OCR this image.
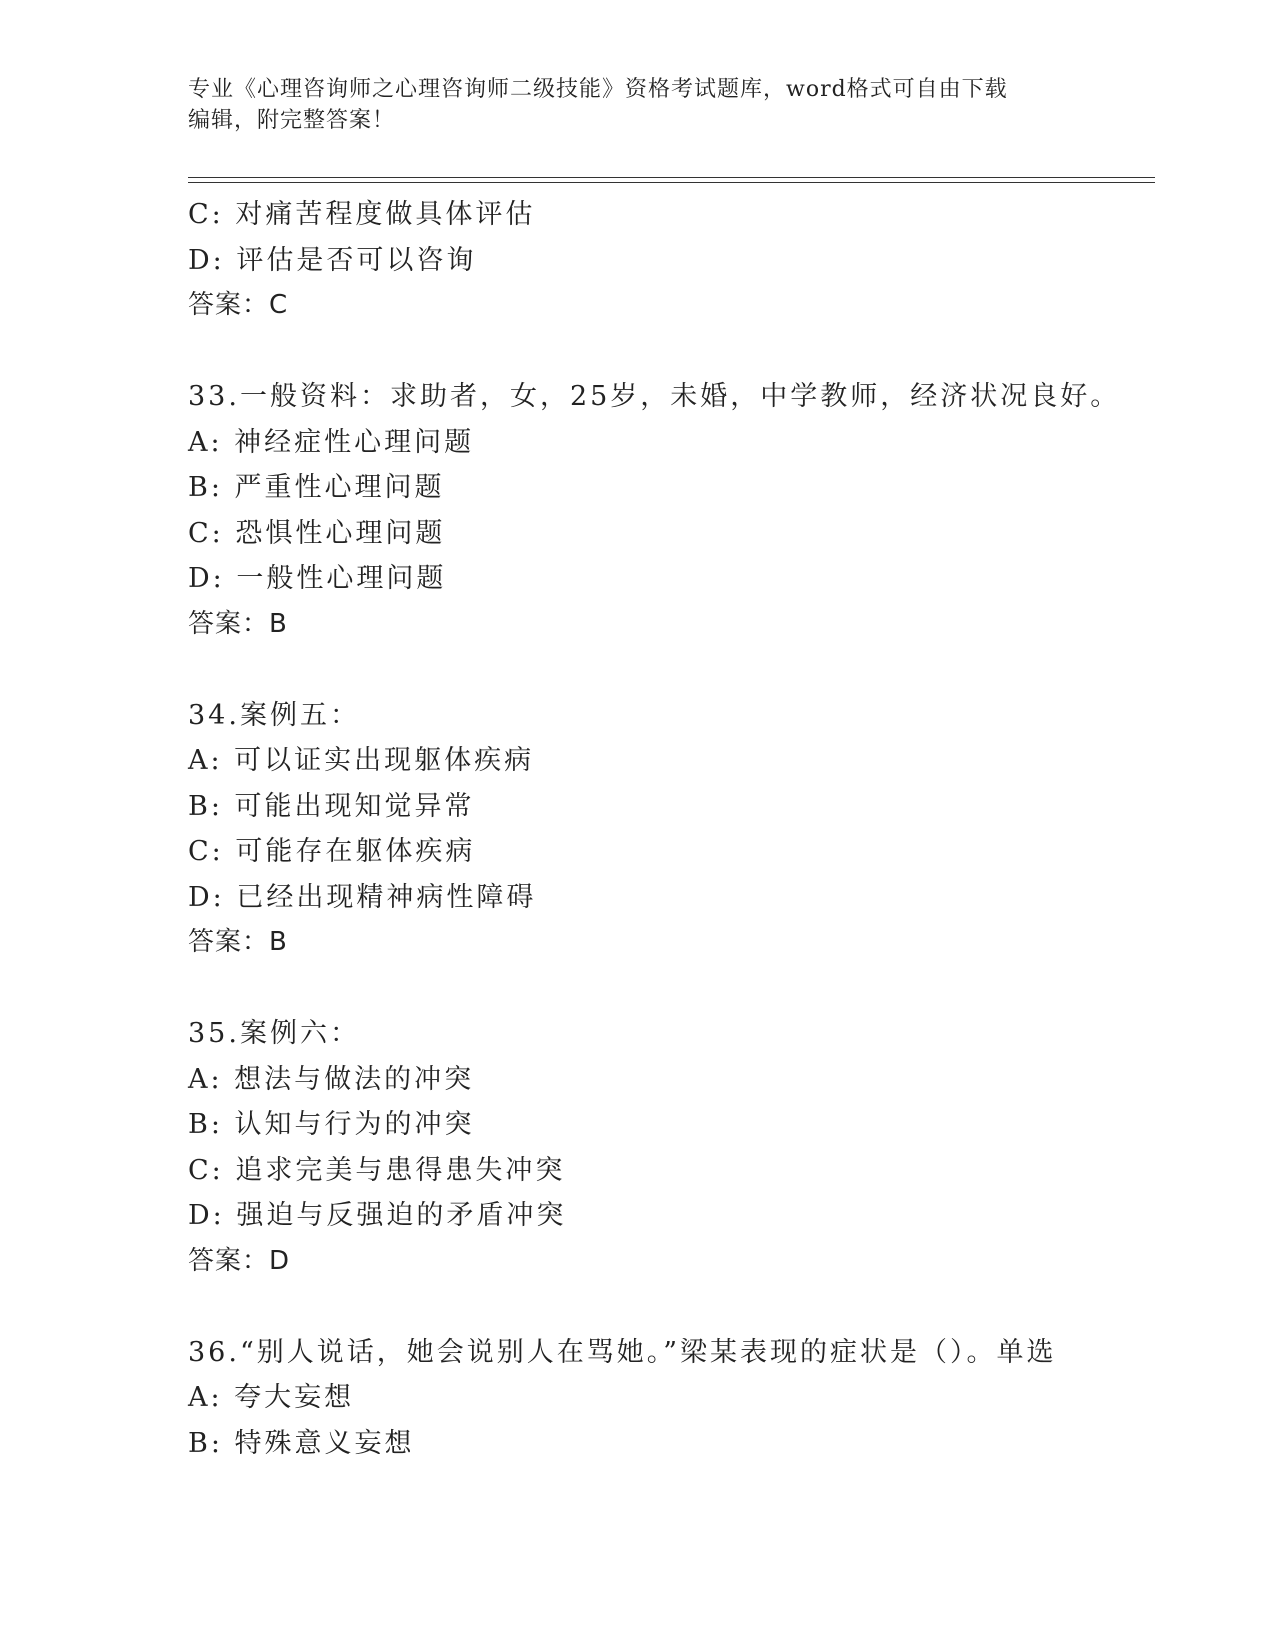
专业《心理咨询师之心理咨询师二级技能》资格考试题库，word格式可自由下载
编辑，附完整答案！
C: 对痛苦程度做具体评估
D: 评估是否可以咨询
答案：C
33.一般资料：求助者，女，25岁，未婚，中学教师，经济状况良好。
A: 神经症性心理问题
B: 严重性心理问题
C: 恐惧性心理问题
D: 一般性心理问题
答案：B
34.案例五：
A: 可以证实出现躯体疾病
B: 可能出现知觉异常
C: 可能存在躯体疾病
D: 已经出现精神病性障碍
答案：B
35.案例六：
A: 想法与做法的冲突
B: 认知与行为的冲突
C: 追求完美与患得患失冲突
D: 强迫与反强迫的矛盾冲突
答案：D
36.“别人说话，她会说别人在骂她。”梁某表现的症状是（）。单选
A: 夸大妄想
B: 特殊意义妄想
